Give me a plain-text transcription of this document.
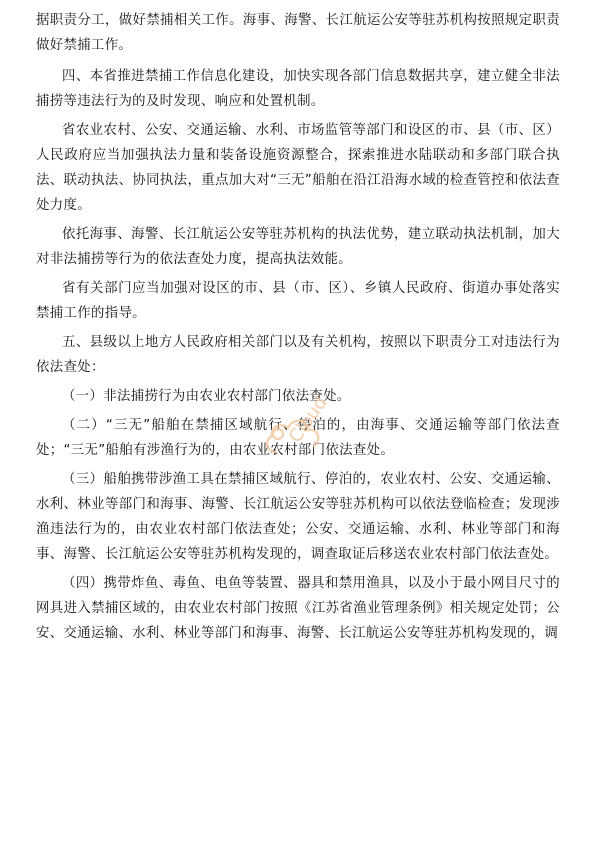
据职责分工，做好禁捕相关工作。海事、海警、长江航运公安等驻苏机构按照规定职责做好禁捕工作。

四、本省推进禁捕工作信息化建设，加快实现各部门信息数据共享，建立健全非法捕捞等违法行为的及时发现、响应和处置机制。

省农业农村、公安、交通运输、水利、市场监管等部门和设区的市、县（市、区）人民政府应当加强执法力量和装备设施资源整合，探索推进水陆联动和多部门联合执法、联动执法、协同执法，重点加大对“三无”船舶在沿江沿海水域的检查管控和依法查处力度。

依托海事、海警、长江航运公安等驻苏机构的执法优势，建立联动执法机制，加大对非法捕捞等行为的依法查处力度，提高执法效能。

省有关部门应当加强对设区的市、县（市、区）、乡镇人民政府、街道办事处落实禁捕工作的指导。

五、县级以上地方人民政府相关部门以及有关机构，按照以下职责分工对违法行为依法查处：

（一）非法捕捞行为由农业农村部门依法查处。

（二）“三无”船舶在禁捕区域航行、停泊的，由海事、交通运输等部门依法查处；“三无”船舶有涉渔行为的，由农业农村部门依法查处。

（三）船舶携带涉渔工具在禁捕区域航行、停泊的，农业农村、公安、交通运输、水利、林业等部门和海事、海警、长江航运公安等驻苏机构可以依法登临检查；发现涉渔违法行为的，由农业农村部门依法查处；公安、交通运输、水利、林业等部门和海事、海警、长江航运公安等驻苏机构发现的，调查取证后移送农业农村部门依法查处。

（四）携带炸鱼、毒鱼、电鱼等装置、器具和禁用渔具，以及小于最小网目尺寸的网具进入禁捕区域的，由农业农村部门按照《江苏省渔业管理条例》相关规定处罚；公安、交通运输、水利、林业等部门和海事、海警、长江航运公安等驻苏机构发现的，调

Cloud
